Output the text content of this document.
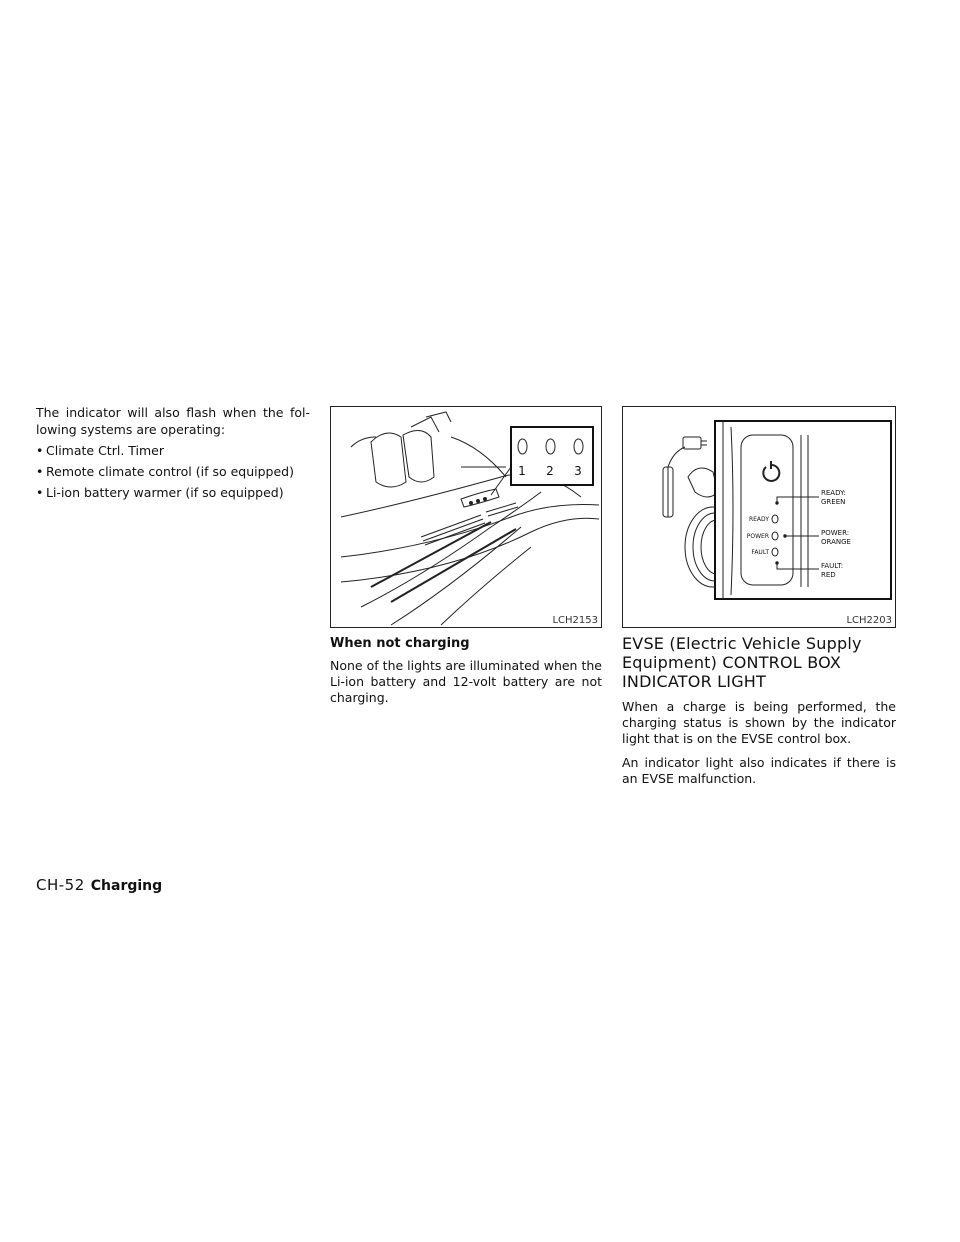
The indicator will also flash when the fol-lowing systems are operating:

• Climate Ctrl. Timer
• Remote climate control (if so equipped)
• Li-ion battery warmer (if so equipped)
1 2 3
LCH2153
READY
POWER
FAULT
READY:
GREEN
POWER:
ORANGE
FAULT:
RED
LCH2203
When not charging

None of the lights are illuminated when the Li-ion battery and 12-volt battery are not charging.

EVSE (Electric Vehicle Supply Equipment) CONTROL BOX INDICATOR LIGHT

When a charge is being performed, the charging status is shown by the indicator light that is on the EVSE control box.

An indicator light also indicates if there is an EVSE malfunction.

CH-52 Charging
